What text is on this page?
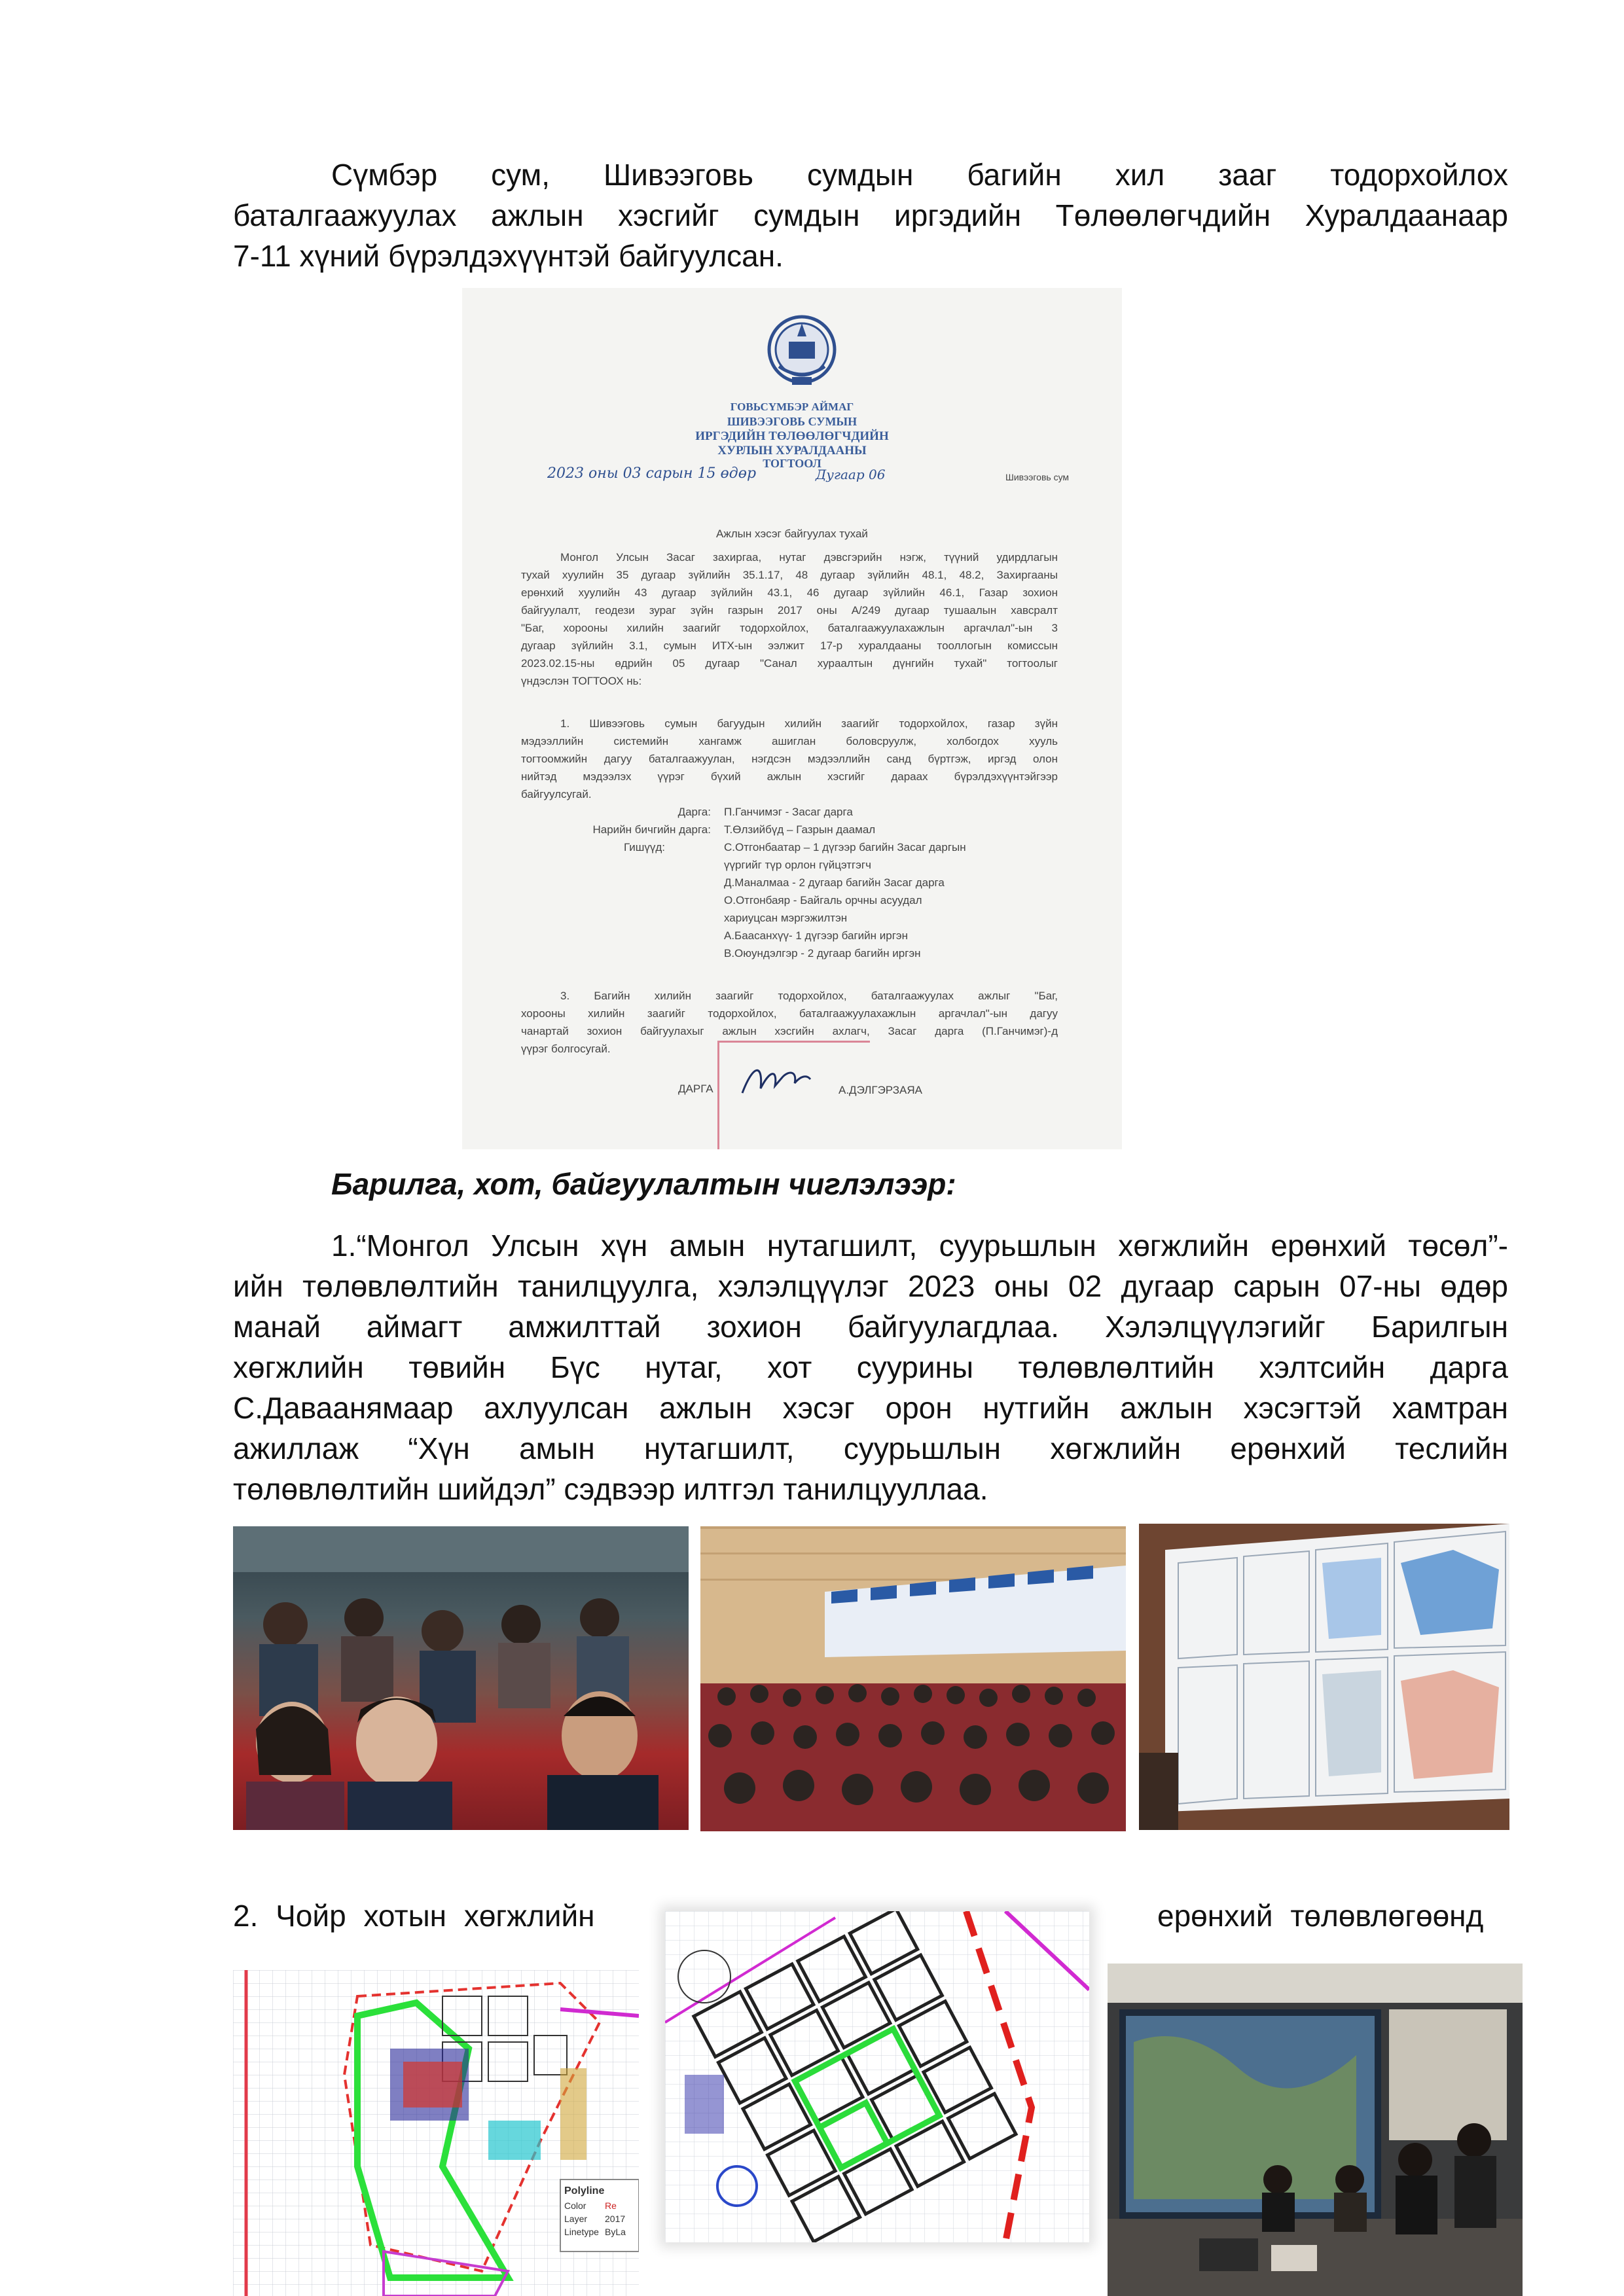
Сүмбэр сум, Шивээговь сумдын багийн хил зааг тодорхойлох
баталгаажуулах ажлын хэсгийг сумдын иргэдийн Төлөөлөгчдийн Хуралдаанаар
7-11 хүний бүрэлдэхүүнтэй байгуулсан.
ГОВЬСҮМБЭР АЙМАГ
ШИВЭЭГОВЬ СУМЫН
ИРГЭДИЙН ТӨЛӨӨЛӨГЧДИЙН
ХУРЛЫН ХУРАЛДААНЫ
ТОГТООЛ
2023 оны 03 сарын 15 өдөр	Дугаар 06	Шивээговь сум
Ажлын хэсэг байгуулах тухай
Монгол Улсын Засаг захиргаа, нутаг дэвсгэрийн нэгж, түүний удирдлагын
тухай хуулийн 35 дугаар зүйлийн 35.1.17, 48 дугаар зүйлийн 48.1, 48.2, Захиргааны
ерөнхий хуулийн 43 дугаар зүйлийн 43.1, 46 дугаар зүйлийн 46.1, Газар зохион
байгуулалт, геодези зураг зүйн газрын 2017 оны А/249 дугаар тушаалын хавсралт
"Баг, хорооны хилийн заагийг тодорхойлох, баталгаажуулахажлын аргачлал"-ын 3
дугаар зүйлийн 3.1, сумын ИТХ-ын ээлжит 17-р хуралдааны тооллогын комиссын
2023.02.15-ны өдрийн 05 дугаар "Санал хураалтын дүнгийн тухай" тогтоолыг
үндэслэн ТОГТООХ нь:
1. Шивээговь сумын багуудын хилийн заагийг тодорхойлох, газар зүйн
мэдээллийн системийн хангамж ашиглан боловсруулж, холбогдох хууль
тогтоомжийн дагуу баталгаажуулан, нэгдсэн мэдээллийн санд бүртгэж, иргэд олон
нийтэд мэдээлэх үүрэг бүхий ажлын хэсгийг дараах бүрэлдэхүүнтэйгээр
байгуулсугай.
Дарга:	П.Ганчимэг - Засаг дарга
Нарийн бичгийн дарга:	Т.Өлзийбүд – Газрын даамал
Гишүүд:	С.Отгонбаатар – 1 дүгээр багийн Засаг даргын
үүргийг түр орлон гүйцэтгэгч
Д.Маналмаа - 2 дугаар багийн Засаг дарга
О.Отгонбаяр - Байгаль орчны асуудал
хариуцсан мэргэжилтэн
А.Баасанхүү- 1 дүгээр багийн иргэн
В.Оюундэлгэр - 2 дугаар багийн иргэн
3. Багийн хилийн заагийг тодорхойлох, баталгаажуулах ажлыг "Баг,
хорооны хилийн заагийг тодорхойлох, баталгаажуулахажлын аргачлал"-ын дагуу
чанартай зохион байгуулахыг ажлын хэсгийн ахлагч, Засаг дарга (П.Ганчимэг)-д
үүрэг болгосугай.
ДАРГА	А.ДЭЛГЭРЗАЯА
Барилга, хот, байгуулалтын чиглэлээр:
1.“Монгол Улсын хүн амын нутагшилт, суурьшлын хөгжлийн ерөнхий төсөл”-
ийн төлөвлөлтийн танилцуулга, хэлэлцүүлэг 2023 оны 02 дугаар сарын 07-ны өдөр
манай аймагт амжилттай зохион байгуулагдлаа. Хэлэлцүүлэгийг Барилгын
хөгжлийн төвийн Бүс нутаг, хот суурины төлөвлөлтийн хэлтсийн дарга
С.Даваанямаар ахлуулсан ажлын хэсэг орон нутгийн ажлын хэсэгтэй хамтран
ажиллаж “Хүн амын нутагшилт, суурьшлын хөгжлийн ерөнхий теслийн
төлөвлөлтийн шийдэл” сэдвээр илтгэл танилцууллаа.
2. Чойр хотын хөгжлийн	ерөнхий төлөвлөгөөнд
Polyline
Color	Re
Layer	2017
Linetype ByLa
